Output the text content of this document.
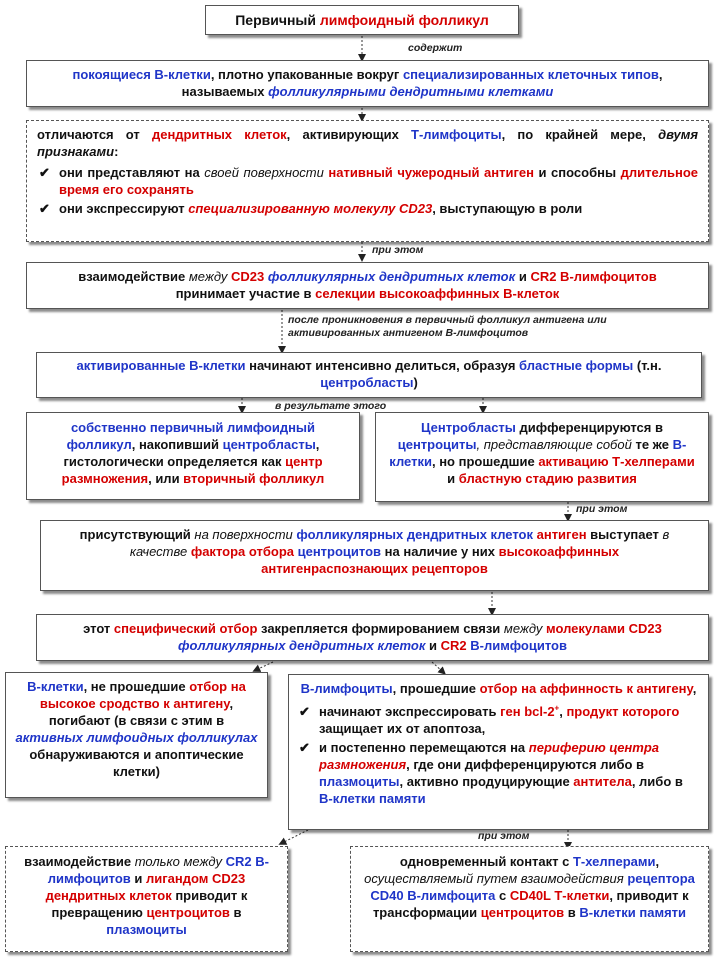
Первичный лимфоидный фолликул
содержит
покоящиеся В-клетки, плотно упакованные вокруг специализированных клеточных типов, называемых фолликулярными дендритными клетками
отличаются от дендритных клеток, активирующих Т-лимфоциты, по крайней мере, двумя признаками:
✔ они представляют на своей поверхности нативный чужеродный антиген и способны длительное время его сохранять
✔ они экспрессируют специализированную молекулу CD23, выступающую в роли
при этом
взаимодействие между CD23 фолликулярных дендритных клеток и CR2 В-лимфоцитов принимает участие в селекции высокоаффинных В-клеток
после проникновения в первичный фолликул антигена или активированных антигеном В-лимфоцитов
активированные В-клетки начинают интенсивно делиться, образуя бластные формы (т.н. центробласты)
в результате этого
собственно первичный лимфоидный фолликул, накопивший центробласты, гистологически определяется как центр размножения, или вторичный фолликул
Центробласты дифференцируются в центроциты, представляющие собой те же В-клетки, но прошедшие активацию Т-хелперами и бластную стадию развития
при этом
присутствующий на поверхности фолликулярных дендритных клеток антиген выступает в качестве фактора отбора центроцитов на наличие у них высокоаффинных антигенраспознающих рецепторов
этот специфический отбор закрепляется формированием связи между молекулами CD23 фолликулярных дендритных клеток и CR2 В-лимфоцитов
В-клетки, не прошедшие отбор на высокое сродство к антигену, погибают (в связи с этим в активных лимфоидных фолликулах обнаруживаются и апоптические клетки)
В-лимфоциты, прошедшие отбор на аффинность к антигену,
✔ начинают экспрессировать ген bcl-2+, продукт которого защищает их от апоптоза,
✔ и постепенно перемещаются на периферию центра размножения, где они дифференцируются либо в плазмоциты, активно продуцирующие антитела, либо в В-клетки памяти
при этом
взаимодействие только между CR2 В-лимфоцитов и лигандом CD23 дендритных клеток приводит к превращению центроцитов в плазмоциты
одновременный контакт с Т-хелперами, осуществляемый путем взаимодействия рецептора CD40 В-лимфоцита с CD40L Т-клетки, приводит к трансформации центроцитов в В-клетки памяти
